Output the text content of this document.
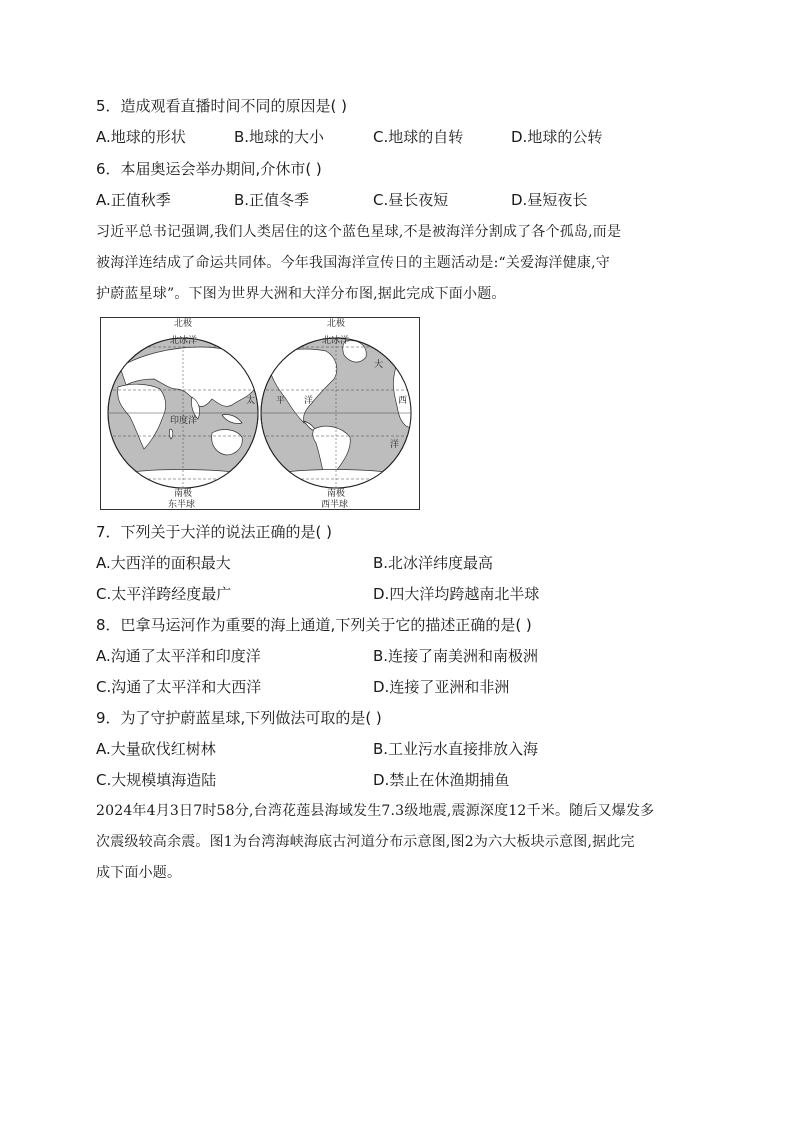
5．造成观看直播时间不同的原因是( )
A.地球的形状	B.地球的大小	C.地球的自转	D.地球的公转
6．本届奥运会举办期间,介休市( )
A.正值秋季	B.正值冬季	C.昼长夜短	D.昼短夜长
习近平总书记强调,我们人类居住的这个蓝色星球,不是被海洋分割成了各个孤岛,而是
被海洋连结成了命运共同体。今年我国海洋宣传日的主题活动是:“关爱海洋健康,守
护蔚蓝星球”。下图为世界大洲和大洋分布图,据此完成下面小题。
北极
北冰洋
印度洋
太
南极
东半球
北极
北冰洋
大
西
洋
平 洋
南极
西半球
7．下列关于大洋的说法正确的是( )
A.大西洋的面积最大	B.北冰洋纬度最高
C.太平洋跨经度最广	D.四大洋均跨越南北半球
8．巴拿马运河作为重要的海上通道,下列关于它的描述正确的是( )
A.沟通了太平洋和印度洋	B.连接了南美洲和南极洲
C.沟通了太平洋和大西洋	D.连接了亚洲和非洲
9．为了守护蔚蓝星球,下列做法可取的是( )
A.大量砍伐红树林	B.工业污水直接排放入海
C.大规模填海造陆	D.禁止在休渔期捕鱼
2024年4月3日7时58分,台湾花莲县海域发生7.3级地震,震源深度12千米。随后又爆发多
次震级较高余震。图1为台湾海峡海底古河道分布示意图,图2为六大板块示意图,据此完
成下面小题。
